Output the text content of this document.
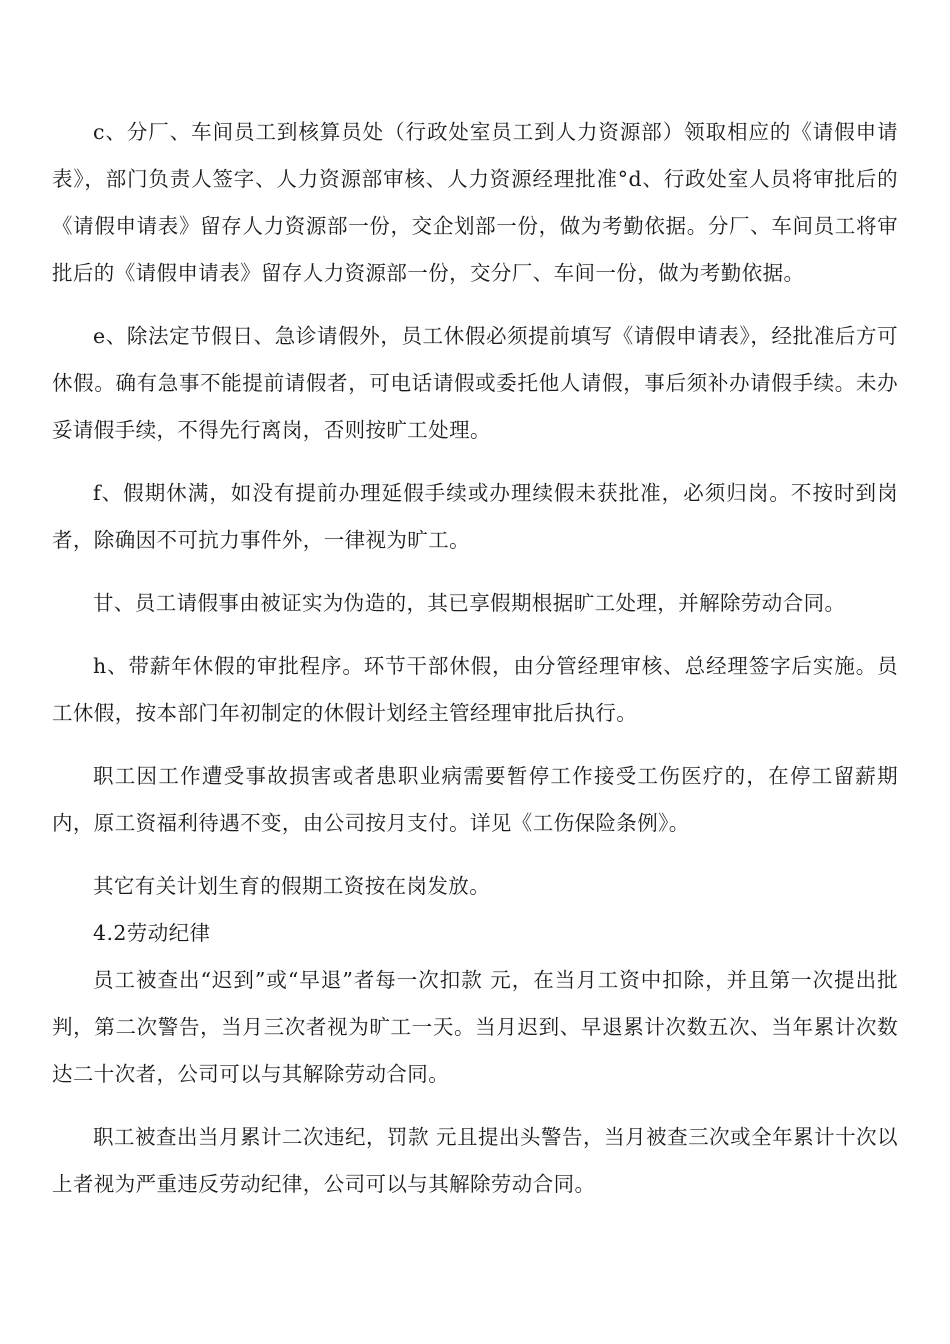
c、分厂、车间员工到核算员处（行政处室员工到人力资源部）领取相应的《请假申请表》，部门负责人签字、人力资源部审核、人力资源经理批准°d、行政处室人员将审批后的《请假申请表》留存人力资源部一份，交企划部一份，做为考勤依据。分厂、车间员工将审批后的《请假申请表》留存人力资源部一份，交分厂、车间一份，做为考勤依据。

e、除法定节假日、急诊请假外，员工休假必须提前填写《请假申请表》，经批准后方可休假。确有急事不能提前请假者，可电话请假或委托他人请假，事后须补办请假手续。未办妥请假手续，不得先行离岗，否则按旷工处理。

f、假期休满，如没有提前办理延假手续或办理续假未获批准，必须归岗。不按时到岗者，除确因不可抗力事件外，一律视为旷工。

甘、员工请假事由被证实为伪造的，其已享假期根据旷工处理，并解除劳动合同。

h、带薪年休假的审批程序。环节干部休假，由分管经理审核、总经理签字后实施。员工休假，按本部门年初制定的休假计划经主管经理审批后执行。

职工因工作遭受事故损害或者患职业病需要暂停工作接受工伤医疗的，在停工留薪期内，原工资福利待遇不变，由公司按月支付。详见《工伤保险条例》。

其它有关计划生育的假期工资按在岗发放。

4.2劳动纪律

员工被查出“迟到”或“早退”者每一次扣款 元，在当月工资中扣除，并且第一次提出批判，第二次警告，当月三次者视为旷工一天。当月迟到、早退累计次数五次、当年累计次数达二十次者，公司可以与其解除劳动合同。

职工被查出当月累计二次违纪，罚款 元且提出头警告，当月被查三次或全年累计十次以上者视为严重违反劳动纪律，公司可以与其解除劳动合同。
